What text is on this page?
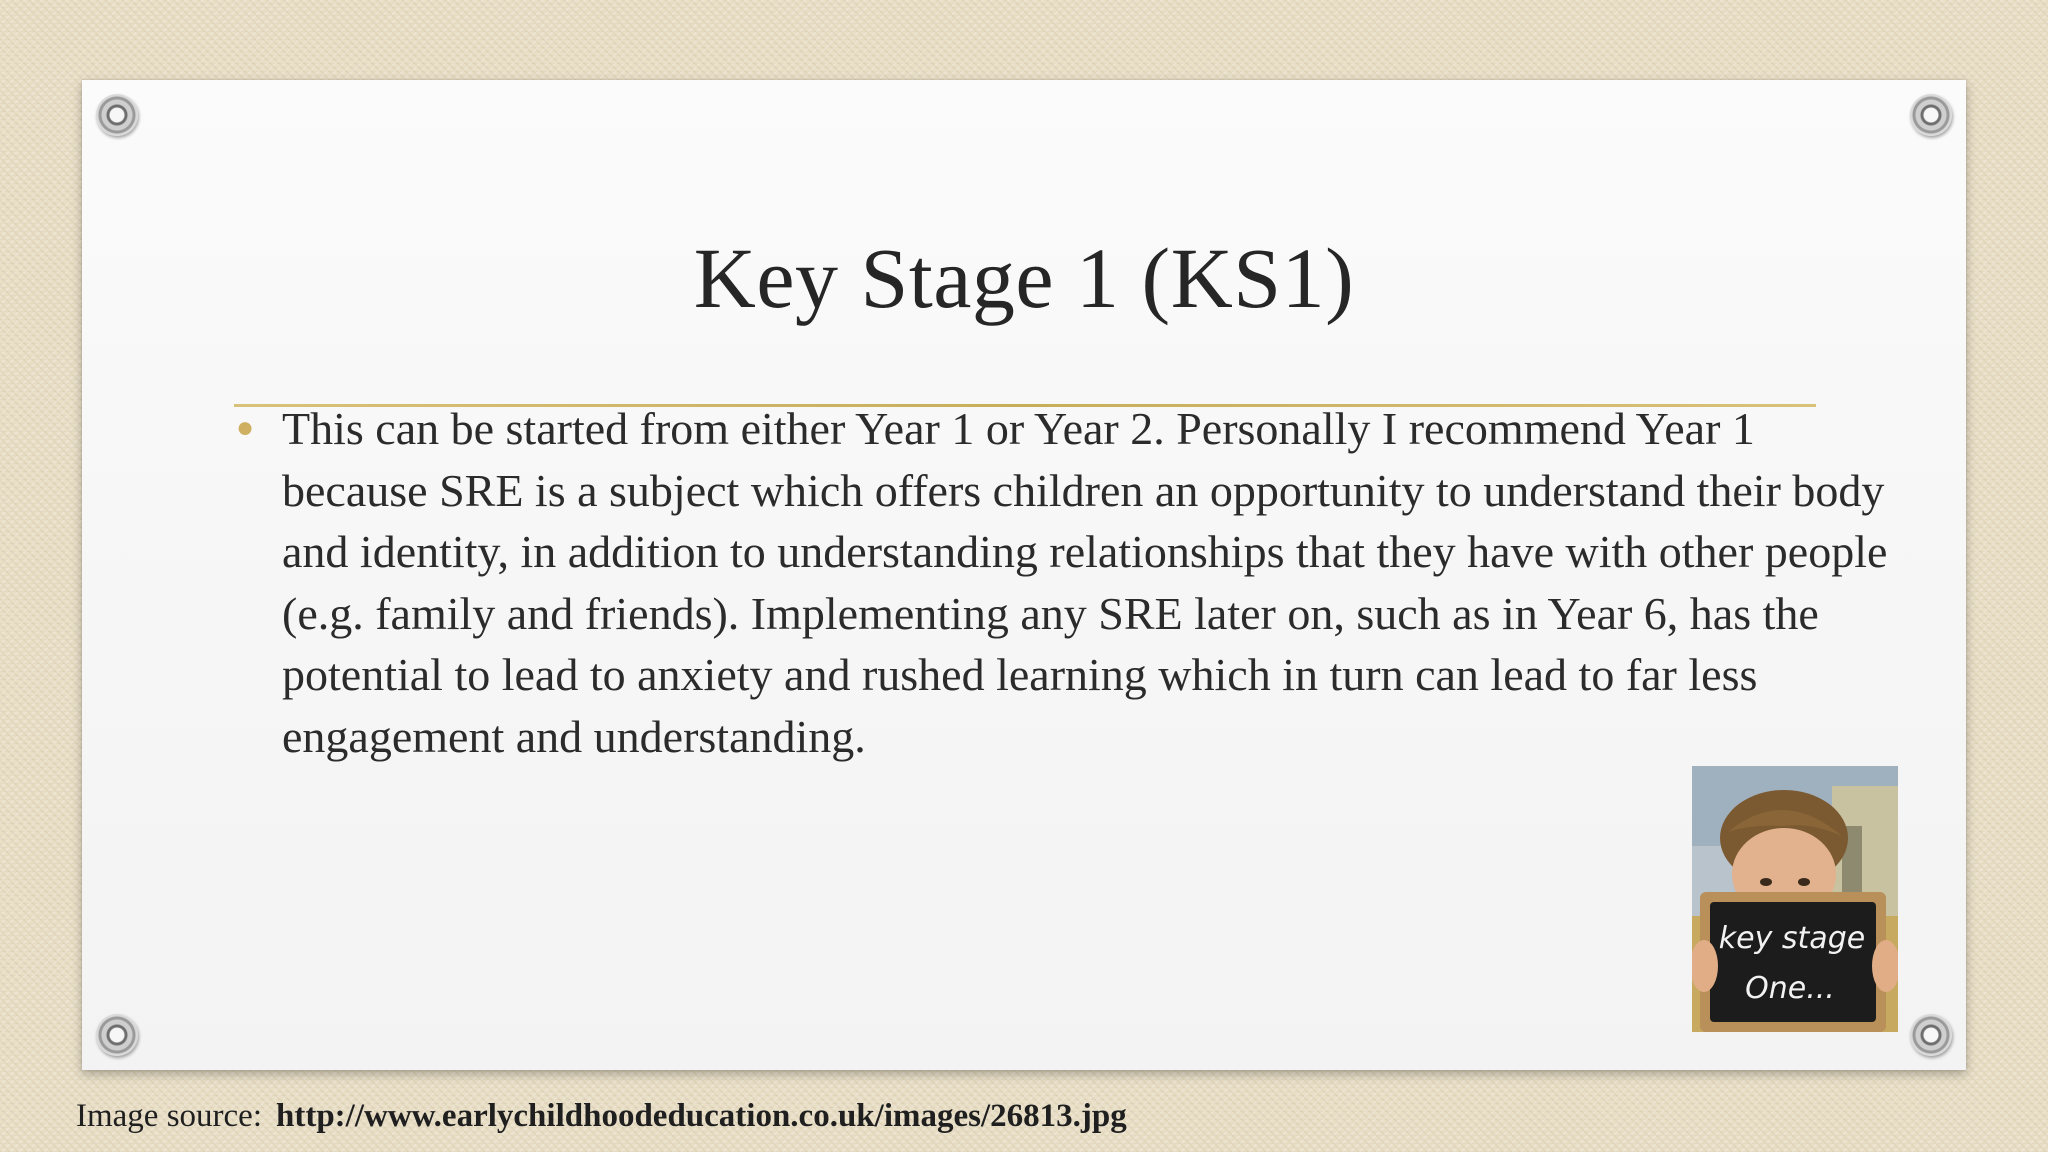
Key Stage 1 (KS1)
● This can be started from either Year 1 or Year 2. Personally I recommend Year 1 because SRE is a subject which offers children an opportunity to understand their body and identity, in addition to understanding relationships that they have with other people (e.g. family and friends). Implementing any SRE later on, such as in Year 6, has the potential to lead to anxiety and rushed learning which in turn can lead to far less engagement and understanding.

key stage
One...
Image source: http://www.earlychildhoodeducation.co.uk/images/26813.jpg
